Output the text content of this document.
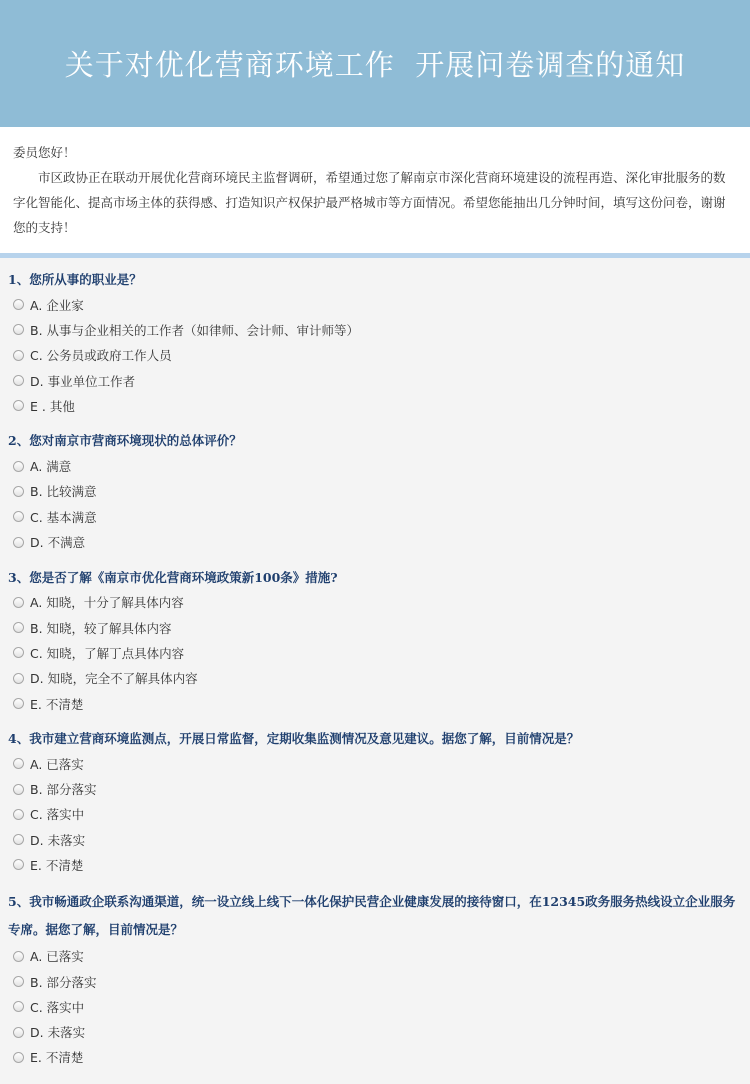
关于对优化营商环境工作  开展问卷调查的通知

委员您好！

市区政协正在联动开展优化营商环境民主监督调研，希望通过您了解南京市深化营商环境建设的流程再造、深化审批服务的数字化智能化、提高市场主体的获得感、打造知识产权保护最严格城市等方面情况。希望您能抽出几分钟时间，填写这份问卷，谢谢您的支持！

1、您所从事的职业是？
A. 企业家
B. 从事与企业相关的工作者（如律师、会计师、审计师等）
C. 公务员或政府工作人员
D. 事业单位工作者
E . 其他
2、您对南京市营商环境现状的总体评价？
A. 满意
B. 比较满意
C. 基本满意
D. 不满意
3、您是否了解《南京市优化营商环境政策新100条》措施?
A. 知晓，十分了解具体内容
B. 知晓，较了解具体内容
C. 知晓，了解丁点具体内容
D. 知晓，完全不了解具体内容
E. 不清楚
4、我市建立营商环境监测点，开展日常监督，定期收集监测情况及意见建议。据您了解，目前情况是？
A. 已落实
B. 部分落实
C. 落实中
D. 未落实
E. 不清楚
5、我市畅通政企联系沟通渠道，统一设立线上线下一体化保护民营企业健康发展的接待窗口，在12345政务服务热线设立企业服务专席。据您了解，目前情况是？
A. 已落实
B. 部分落实
C. 落实中
D. 未落实
E. 不清楚
